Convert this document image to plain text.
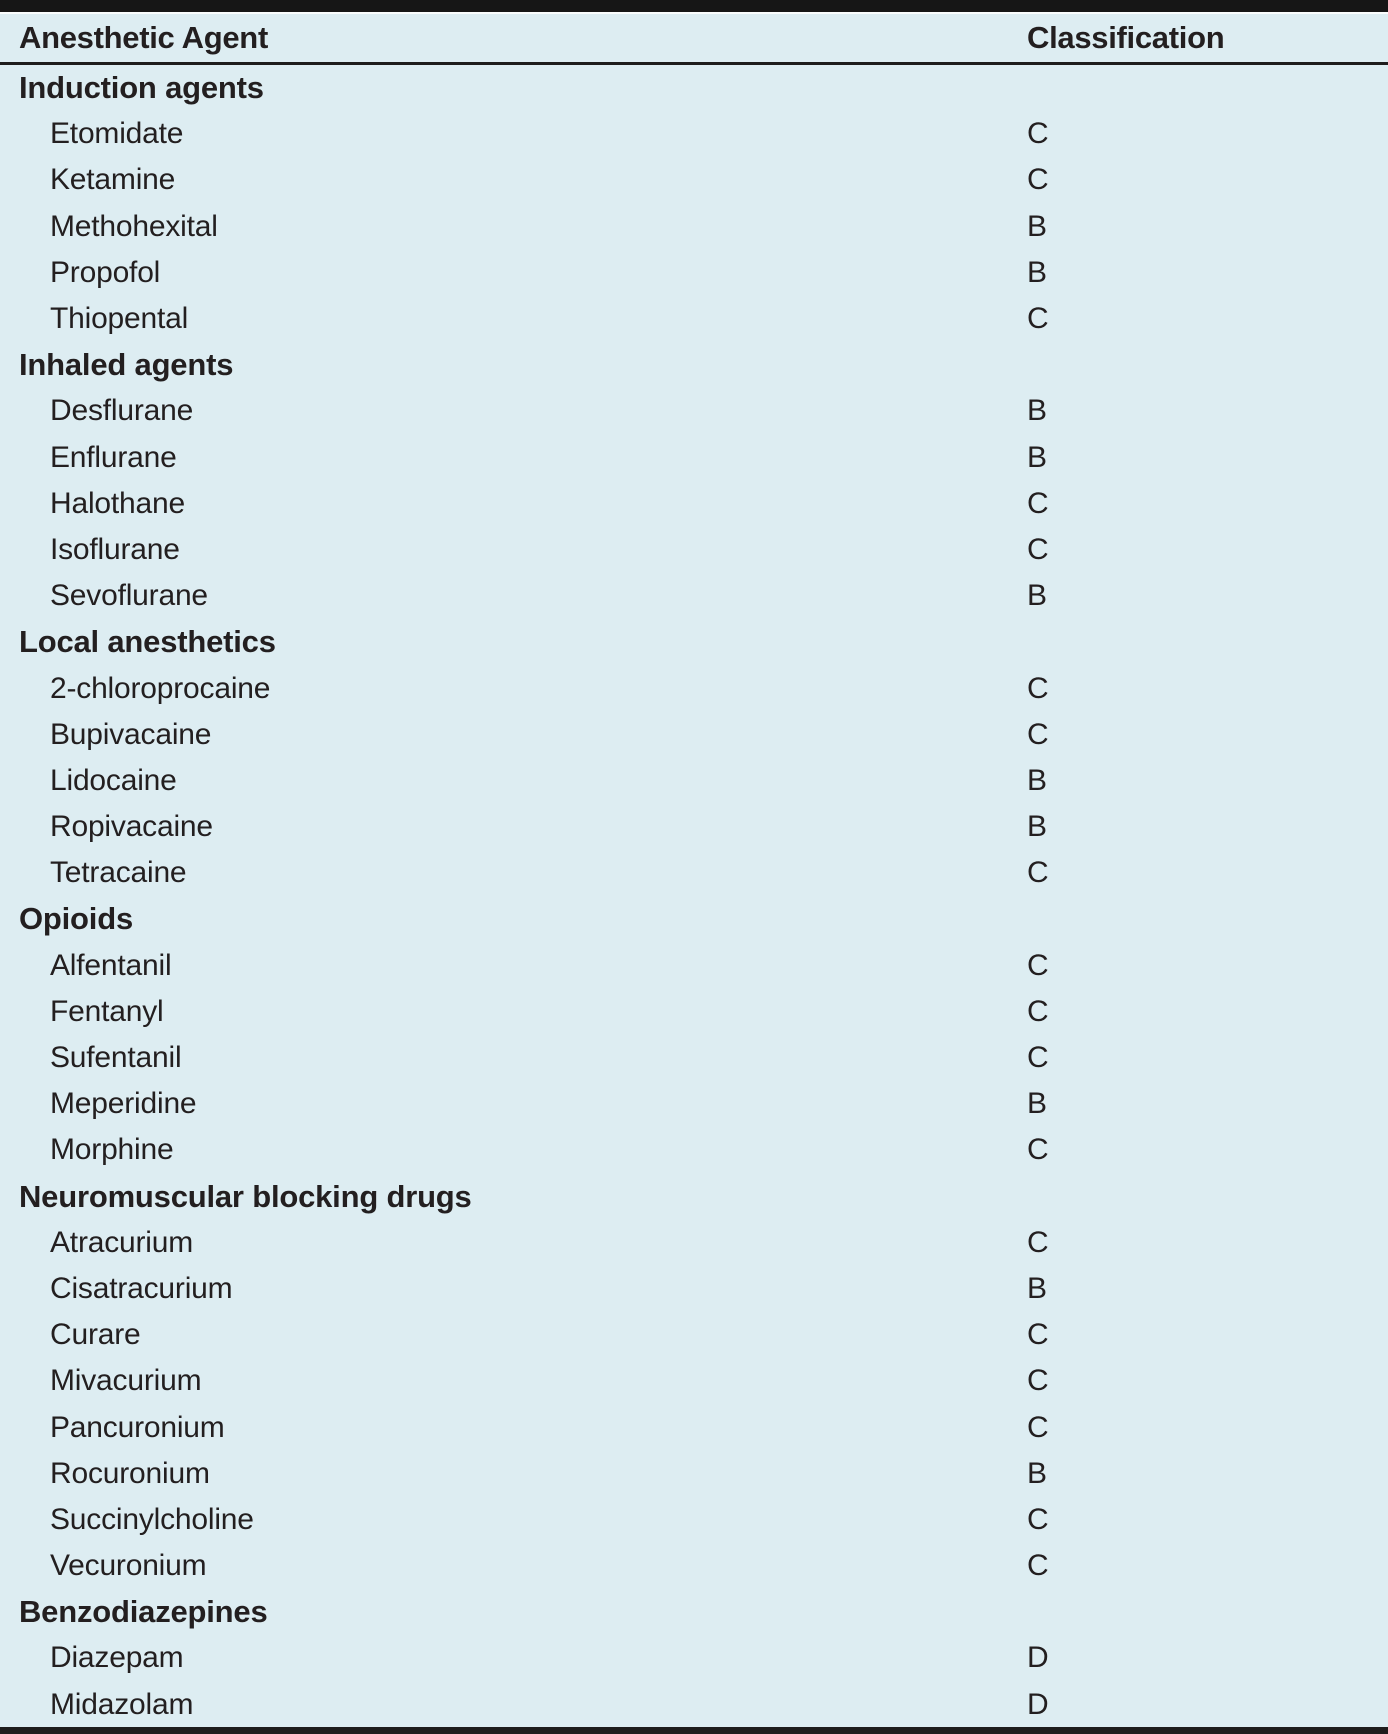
Anesthetic Agent	Classification
Induction agents
Etomidate	C
Ketamine	C
Methohexital	B
Propofol	B
Thiopental	C
Inhaled agents
Desflurane	B
Enflurane	B
Halothane	C
Isoflurane	C
Sevoflurane	B
Local anesthetics
2-chloroprocaine	C
Bupivacaine	C
Lidocaine	B
Ropivacaine	B
Tetracaine	C
Opioids
Alfentanil	C
Fentanyl	C
Sufentanil	C
Meperidine	B
Morphine	C
Neuromuscular blocking drugs
Atracurium	C
Cisatracurium	B
Curare	C
Mivacurium	C
Pancuronium	C
Rocuronium	B
Succinylcholine	C
Vecuronium	C
Benzodiazepines
Diazepam	D
Midazolam	D
